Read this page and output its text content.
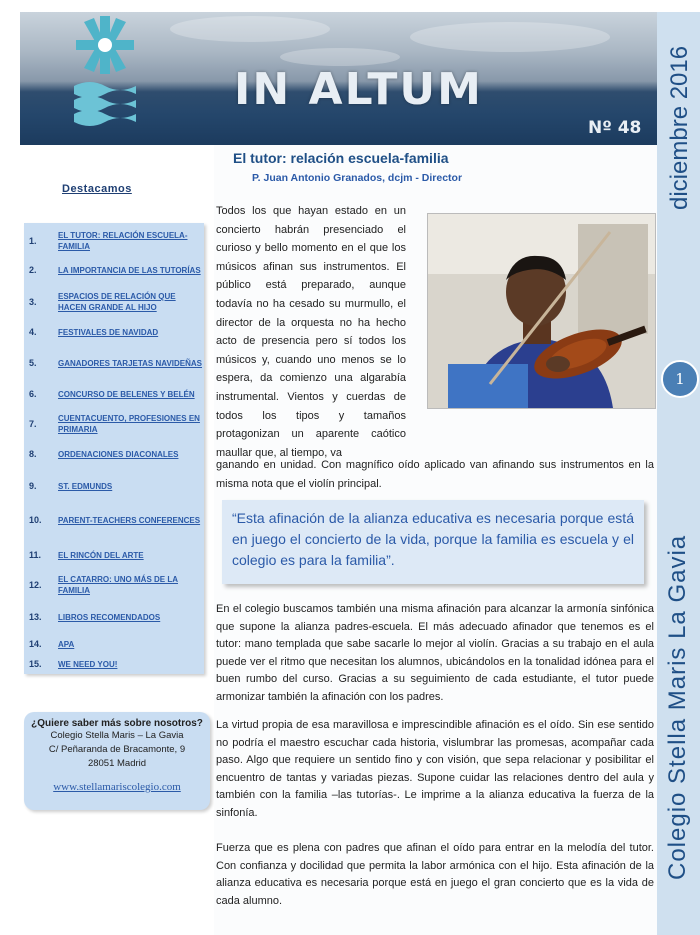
IN ALTUM
Nº 48 diciembre 2016
1
Colegio Stella Maris La Gavia
Destacamos
1.
EL TUTOR: RELACIÓN ESCUELA-FAMILIA
2.	LA IMPORTANCIA DE LAS TUTORÍAS
3.
ESPACIOS DE RELACIÓN QUE HACEN GRANDE AL HIJO
4.	FESTIVALES DE NAVIDAD
5.	GANADORES TARJETAS NAVIDEÑAS
6.	CONCURSO DE BELENES Y BELÉN
7.
CUENTACUENTO, PROFESIONES EN PRIMARIA
8.	ORDENACIONES DIACONALES
9.	ST. EDMUNDS
10. PARENT-TEACHERS CONFERENCES
11. EL RINCÓN DEL ARTE
12.
EL CATARRO: UNO MÁS DE LA FAMILIA
13. LIBROS RECOMENDADOS
14. APA
15. WE NEED YOU!
¿Quiere saber más sobre nosotros?
Colegio Stella Maris – La Gavia
C/ Peñaranda de Bracamonte, 9
28051 Madrid
www.stellamariscolegio.com
El tutor: relación escuela-familia
P. Juan Antonio Granados, dcjm - Director
Todos los que hayan estado en un concierto habrán presenciado el curioso y bello momento en el que los músicos afinan sus instrumentos. El público está preparado, aunque todavía no ha cesado su murmullo, el director de la orquesta no ha hecho acto de presencia pero sí todos los músicos y, cuando uno menos se lo espera, da comienzo una algarabía instrumental. Vientos y cuerdas de todos los tipos y tamaños protagonizan un aparente caótico maullar que, al tiempo, va
ganando en unidad. Con magnífico oído aplicado van afinando sus instrumentos en la misma nota que el violín principal.

“Esta afinación de la alianza educativa es necesaria porque está en juego el concierto de la vida, porque la familia es escuela y el colegio es para la familia”.

En el colegio buscamos también una misma afinación para alcanzar la armonía sinfónica que supone la alianza padres-escuela. El más adecuado afinador que tenemos es el tutor: mano templada que sabe sacarle lo mejor al violín. Gracias a su trabajo en el aula puede ver el ritmo que necesitan los alumnos, ubicándolos en la tonalidad idónea para el buen rumbo del curso. Gracias a su seguimiento de cada estudiante, el tutor puede armonizar también la afinación con los padres.

La virtud propia de esa maravillosa e imprescindible afinación es el oído. Sin ese sentido no podría el maestro escuchar cada historia, vislumbrar las promesas, acompañar cada paso. Algo que requiere un sentido fino y con visión, que sepa relacionar y posibilitar el encuentro de tantas y variadas piezas. Supone cuidar las relaciones dentro del aula y también con la familia –las tutorías-. Le imprime a la alianza educativa la fuerza de la sinfonía.

Fuerza que es plena con padres que afinan el oído para entrar en la melodía del tutor. Con confianza y docilidad que permita la labor armónica con el hijo. Esta afinación de la alianza educativa es necesaria porque está en juego el gran concierto que es la vida de cada alumno.
